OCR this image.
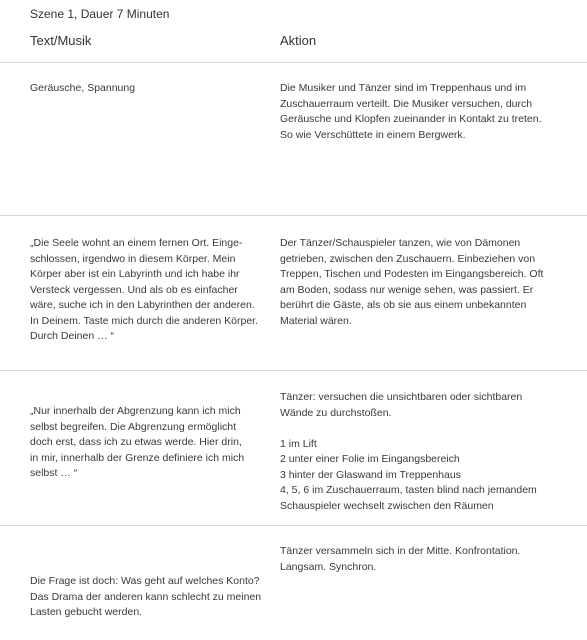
Szene 1, Dauer 7 Minuten
Text/Musik	Aktion
Geräusche, Spannung	Die Musiker und Tänzer sind im Treppenhaus und im
Zuschauerraum verteilt. Die Musiker versuchen, durch
Geräusche und Klopfen zueinander in Kontakt zu treten.
So wie Verschüttete in einem Bergwerk.
„Die Seele wohnt an einem fernen Ort. Einge-
schlossen, irgendwo in diesem Körper. Mein
Körper aber ist ein Labyrinth und ich habe ihr
Versteck vergessen. Und als ob es einfacher
wäre, suche ich in den Labyrinthen der anderen.
In Deinem. Taste mich durch die anderen Körper.
Durch Deinen … “
Der Tänzer/Schauspieler tanzen, wie von Dämonen
getrieben, zwischen den Zuschauern. Einbeziehen von
Treppen, Tischen und Podesten im Eingangsbereich. Oft
am Boden, sodass nur wenige sehen, was passiert. Er
berührt die Gäste, als ob sie aus einem unbekannten
Material wären.
„Nur innerhalb der Abgrenzung kann ich mich
selbst begreifen. Die Abgrenzung ermöglicht
doch erst, dass ich zu etwas werde. Hier drin,
in mir, innerhalb der Grenze definiere ich mich
selbst … “
Tänzer: versuchen die unsichtbaren oder sichtbaren
Wände zu durchstoßen.

1 im Lift
2 unter einer Folie im Eingangsbereich
3 hinter der Glaswand im Treppenhaus
4, 5, 6 im Zuschauerraum, tasten blind nach jemandem
Schauspieler wechselt zwischen den Räumen
Die Frage ist doch: Was geht auf welches Konto?
Das Drama der anderen kann schlecht zu meinen
Lasten gebucht werden.
Tänzer versammeln sich in der Mitte. Konfrontation.
Langsam. Synchron.
